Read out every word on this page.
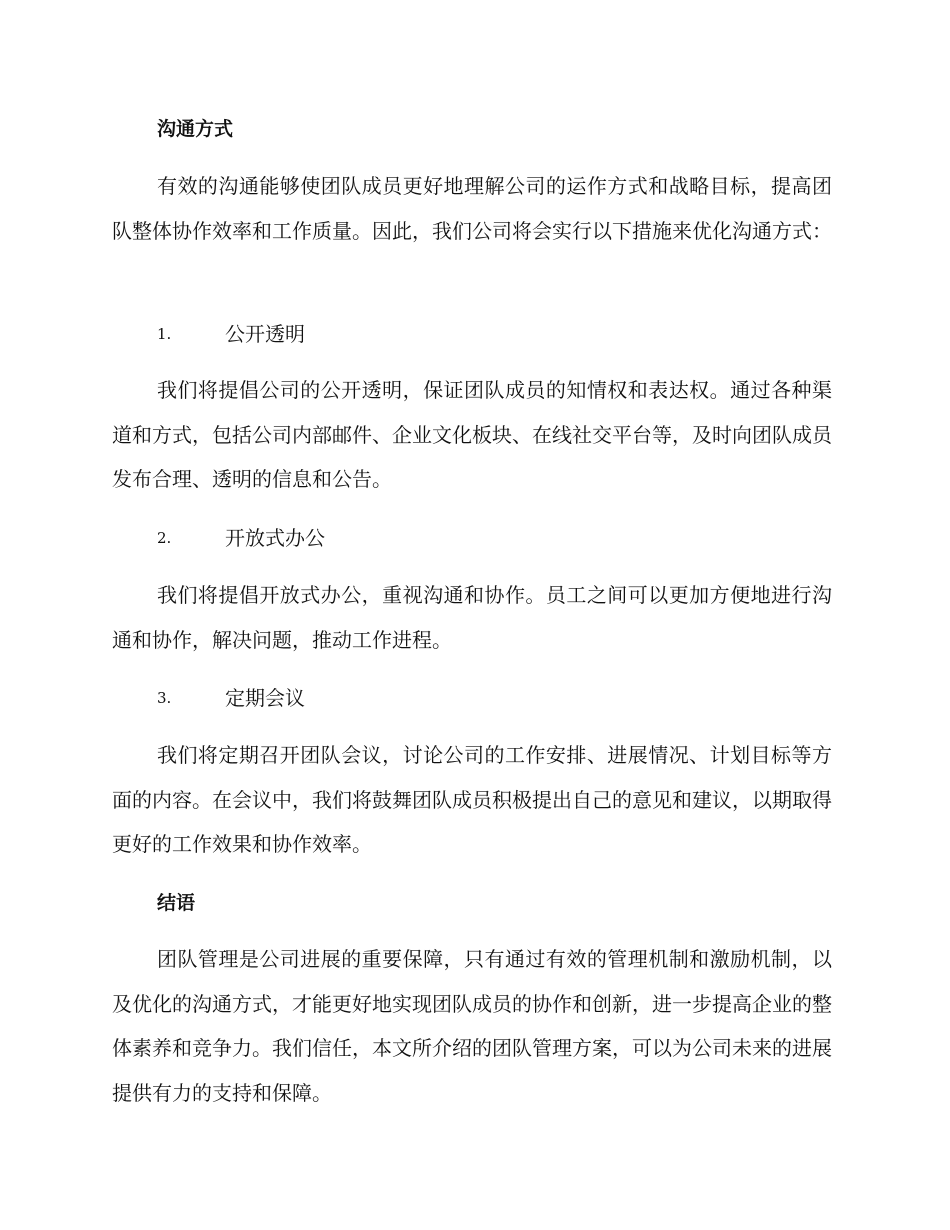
沟通方式

有效的沟通能够使团队成员更好地理解公司的运作方式和战略目标，提高团队整体协作效率和工作质量。因此，我们公司将会实行以下措施来优化沟通方式：

1.	公开透明

我们将提倡公司的公开透明，保证团队成员的知情权和表达权。通过各种渠道和方式，包括公司内部邮件、企业文化板块、在线社交平台等，及时向团队成员发布合理、透明的信息和公告。

2.	开放式办公

我们将提倡开放式办公，重视沟通和协作。员工之间可以更加方便地进行沟通和协作，解决问题，推动工作进程。

3.	定期会议

我们将定期召开团队会议，讨论公司的工作安排、进展情况、计划目标等方面的内容。在会议中，我们将鼓舞团队成员积极提出自己的意见和建议，以期取得更好的工作效果和协作效率。

结语

团队管理是公司进展的重要保障，只有通过有效的管理机制和激励机制，以及优化的沟通方式，才能更好地实现团队成员的协作和创新，进一步提高企业的整体素养和竞争力。我们信任，本文所介绍的团队管理方案，可以为公司未来的进展提供有力的支持和保障。
